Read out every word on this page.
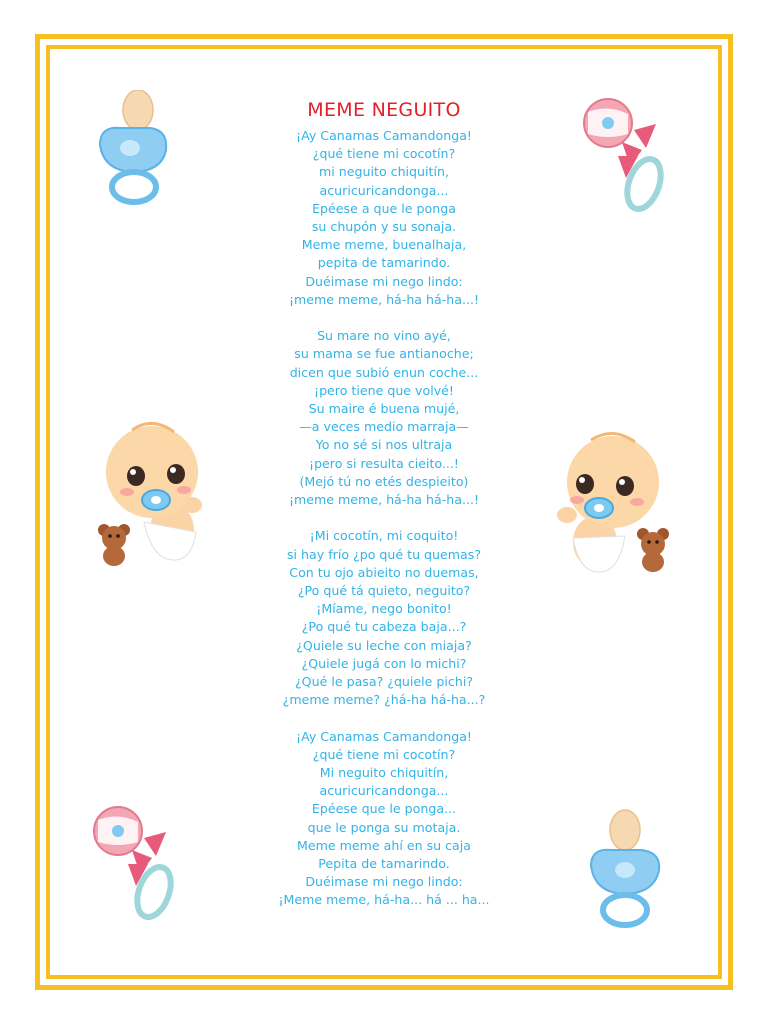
MEME NEGUITO
¡Ay Canamas Camandonga!
¿qué tiene mi cocotín?
mi neguito chiquitín,
acuricuricandonga...
Epéese a que le ponga
su chupón y su sonaja.
Meme meme, buenalhaja,
pepita de tamarindo.
Duéimase mi nego lindo:
¡meme meme, há-ha há-ha...!
Su mare no vino ayé,
su mama se fue antianoche;
dicen que subió enun coche...
¡pero tiene que volvé!
Su maire é buena mujé,
—a veces medio marraja—
Yo no sé si nos ultraja
¡pero si resulta cieito...!
(Mejó tú no etés despieito)
¡meme meme, há-ha há-ha...!
¡Mi cocotín, mi coquito!
si hay frío ¿po qué tu quemas?
Con tu ojo abieito no duemas,
¿Po qué tá quieto, neguito?
¡Míame, nego bonito!
¿Po qué tu cabeza baja...?
¿Quiele su leche con miaja?
¿Quiele jugá con lo michi?
¿Qué le pasa? ¿quiele pichi?
¿meme meme? ¿há-ha há-ha...?
¡Ay Canamas Camandonga!
¿qué tiene mi cocotín?
Mi neguito chiquitín,
acuricuricandonga...
Epéese que le ponga...
que le ponga su motaja.
Meme meme ahí en su caja
Pepita de tamarindo.
Duéimase mi nego lindo:
¡Meme meme, há-ha... há ... ha...
